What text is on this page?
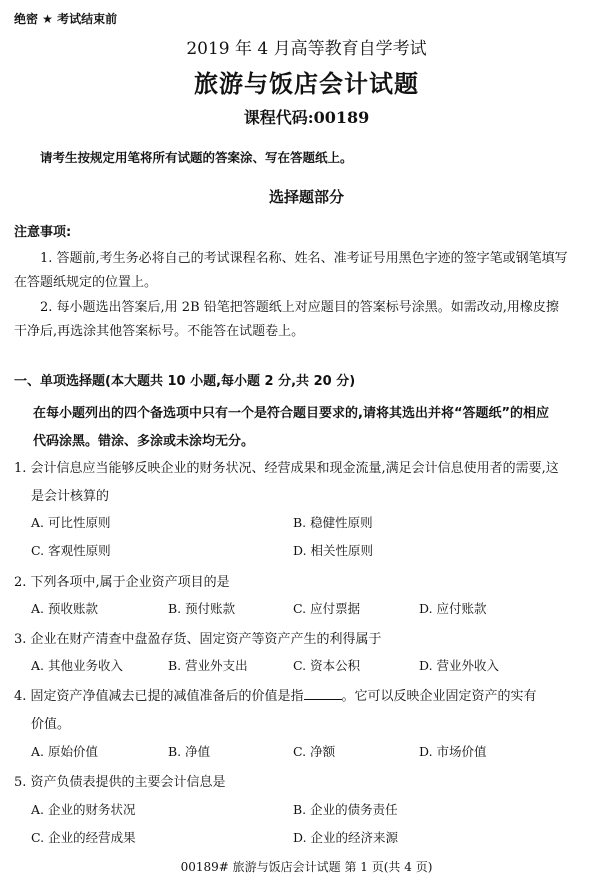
绝密 ★ 考试结束前
2019 年 4 月高等教育自学考试
旅游与饭店会计试题
课程代码:00189
请考生按规定用笔将所有试题的答案涂、写在答题纸上。
选择题部分
注意事项:
1. 答题前,考生务必将自己的考试课程名称、姓名、准考证号用黑色字迹的签字笔或钢笔填写
在答题纸规定的位置上。
2. 每小题选出答案后,用 2B 铅笔把答题纸上对应题目的答案标号涂黑。如需改动,用橡皮擦
干净后,再选涂其他答案标号。不能答在试题卷上。
一、单项选择题(本大题共 10 小题,每小题 2 分,共 20 分)
在每小题列出的四个备选项中只有一个是符合题目要求的,请将其选出并将“答题纸”的相应
代码涂黑。错涂、多涂或未涂均无分。
1. 会计信息应当能够反映企业的财务状况、经营成果和现金流量,满足会计信息使用者的需要,这
是会计核算的
A. 可比性原则	B. 稳健性原则
C. 客观性原则	D. 相关性原则
2. 下列各项中,属于企业资产项目的是
A. 预收账款	B. 预付账款	C. 应付票据	D. 应付账款
3. 企业在财产清查中盘盈存货、固定资产等资产产生的利得属于
A. 其他业务收入	B. 营业外支出	C. 资本公积	D. 营业外收入
4. 固定资产净值减去已提的减值准备后的价值是指	。它可以反映企业固定资产的实有
价值。
A. 原始价值	B. 净值	C. 净额	D. 市场价值
5. 资产负债表提供的主要会计信息是
A. 企业的财务状况	B. 企业的债务责任
C. 企业的经营成果	D. 企业的经济来源
00189# 旅游与饭店会计试题 第 1 页(共 4 页)
